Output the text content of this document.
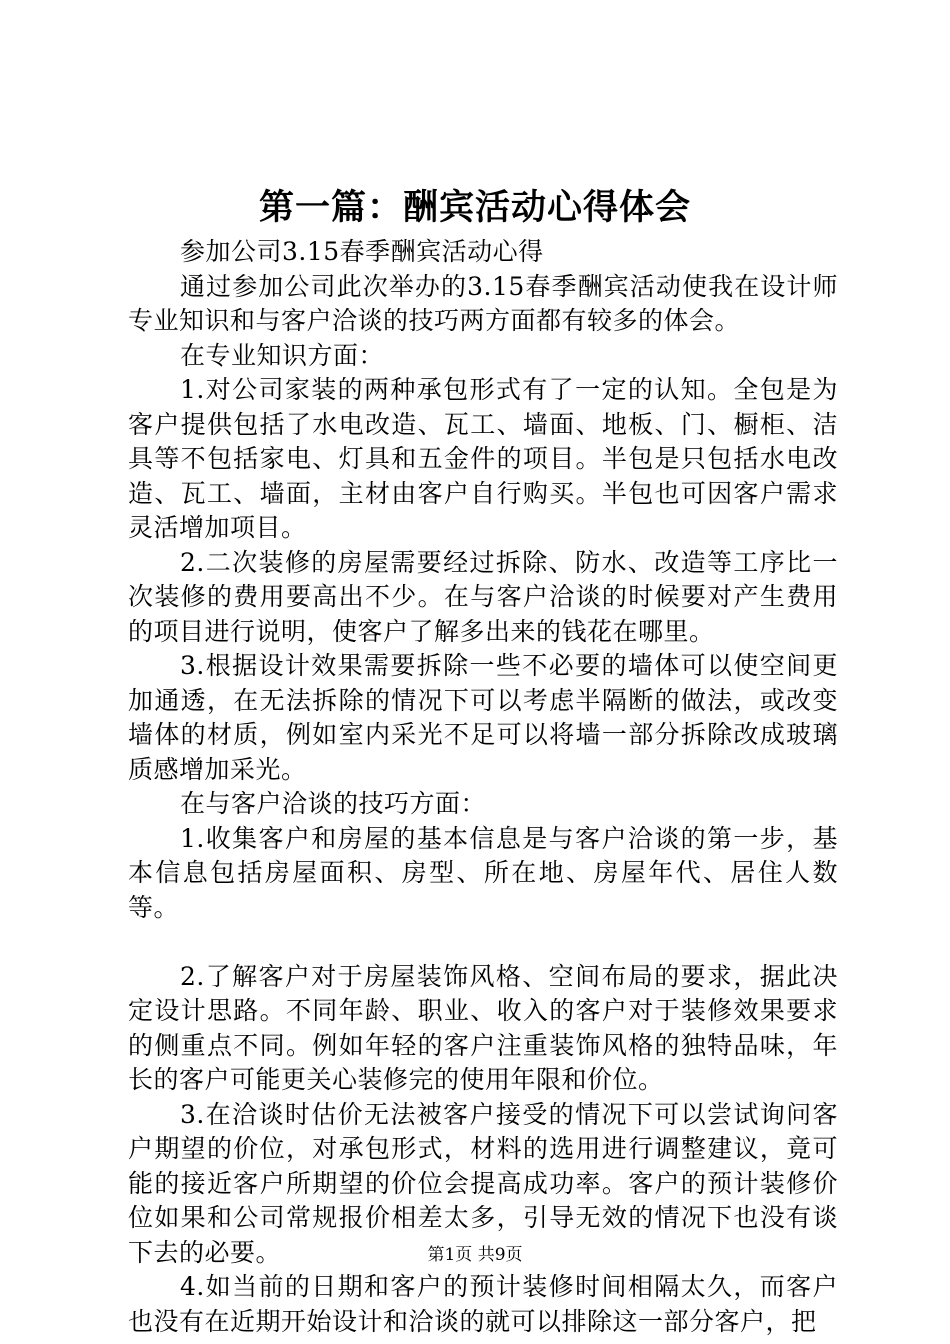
第一篇：酬宾活动心得体会

参加公司3.15春季酬宾活动心得

通过参加公司此次举办的3.15春季酬宾活动使我在设计师专业知识和与客户洽谈的技巧两方面都有较多的体会。

在专业知识方面：

1.对公司家装的两种承包形式有了一定的认知。全包是为客户提供包括了水电改造、瓦工、墙面、地板、门、橱柜、洁具等不包括家电、灯具和五金件的项目。半包是只包括水电改造、瓦工、墙面，主材由客户自行购买。半包也可因客户需求灵活增加项目。

2.二次装修的房屋需要经过拆除、防水、改造等工序比一次装修的费用要高出不少。在与客户洽谈的时候要对产生费用的项目进行说明，使客户了解多出来的钱花在哪里。

3.根据设计效果需要拆除一些不必要的墙体可以使空间更加通透，在无法拆除的情况下可以考虑半隔断的做法，或改变墙体的材质，例如室内采光不足可以将墙一部分拆除改成玻璃质感增加采光。

在与客户洽谈的技巧方面：

1.收集客户和房屋的基本信息是与客户洽谈的第一步，基本信息包括房屋面积、房型、所在地、房屋年代、居住人数等。

2.了解客户对于房屋装饰风格、空间布局的要求，据此决定设计思路。不同年龄、职业、收入的客户对于装修效果要求的侧重点不同。例如年轻的客户注重装饰风格的独特品味，年长的客户可能更关心装修完的使用年限和价位。

3.在洽谈时估价无法被客户接受的情况下可以尝试询问客户期望的价位，对承包形式，材料的选用进行调整建议，竟可能的接近客户所期望的价位会提高成功率。客户的预计装修价位如果和公司常规报价相差太多，引导无效的情况下也没有谈下去的必要。

4.如当前的日期和客户的预计装修时间相隔太久，而客户也没有在近期开始设计和洽谈的就可以排除这一部分客户，把

第1页 共9页
